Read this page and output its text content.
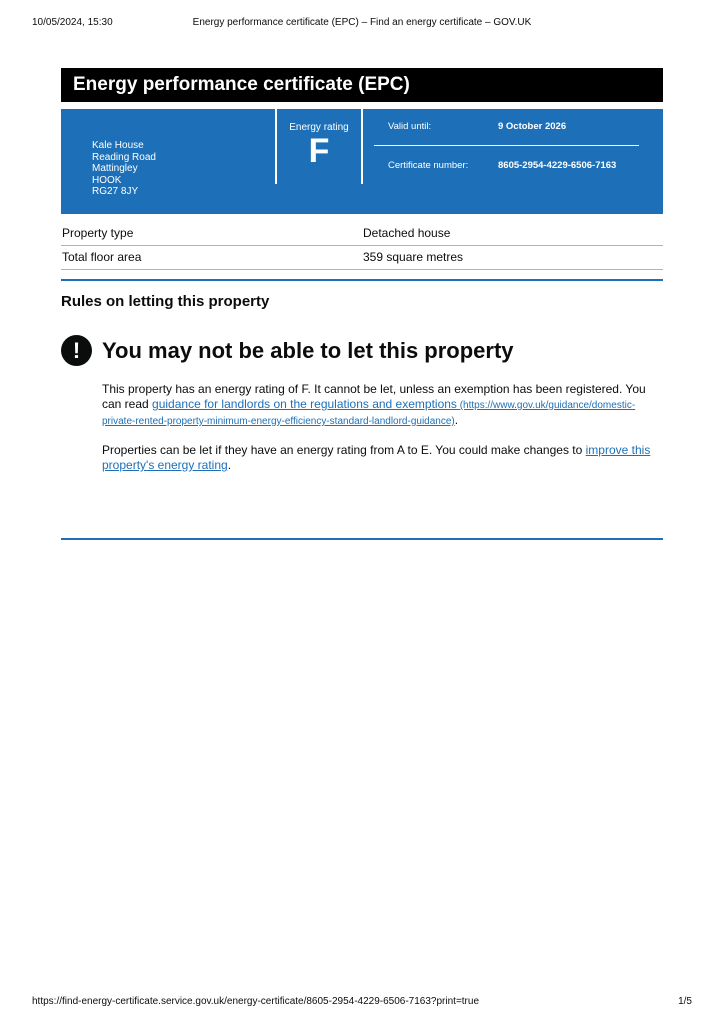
10/05/2024, 15:30	Energy performance certificate (EPC) – Find an energy certificate – GOV.UK
Energy performance certificate (EPC)
Kale House
Reading Road
Mattingley
HOOK
RG27 8JY
Energy rating
F
Valid until:	9 October 2026
Certificate number:	8605-2954-4229-6506-7163
Property type	Detached house
Total floor area	359 square metres
Rules on letting this property
! You may not be able to let this property
This property has an energy rating of F. It cannot be let, unless an exemption has been registered. You can read guidance for landlords on the regulations and exemptions (https://www.gov.uk/guidance/domestic-private-rented-property-minimum-energy-efficiency-standard-landlord-guidance).
Properties can be let if they have an energy rating from A to E. You could make changes to improve this property's energy rating.
https://find-energy-certificate.service.gov.uk/energy-certificate/8605-2954-4229-6506-7163?print=true	1/5
